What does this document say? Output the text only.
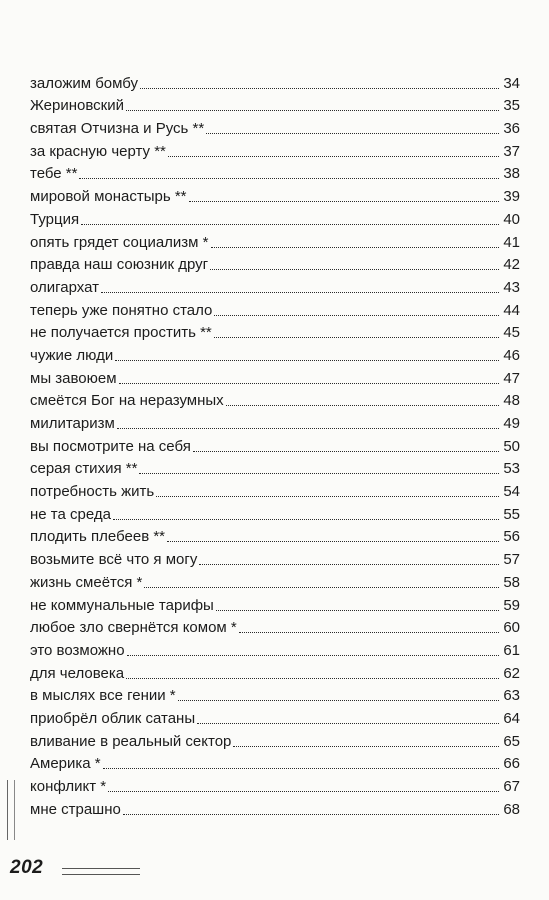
заложим бомбу	34
Жериновский	35
святая Отчизна и Русь **	36
за красную черту **	37
тебе **	38
мировой монастырь **	39
Турция	40
опять грядет социализм *	41
правда наш союзник друг	42
олигархат	43
теперь уже понятно стало	44
не получается простить **	45
чужие люди	46
мы завоюем	47
смеётся Бог на неразумных	48
милитаризм	49
вы посмотрите на себя	50
серая стихия **	53
потребность жить	54
не та среда	55
плодить плебеев **	56
возьмите всё что я могу	57
жизнь смеётся *	58
не коммунальные тарифы	59
любое зло свернётся комом *	60
это возможно	61
для человека	62
в мыслях все гении *	63
приобрёл облик сатаны	64
вливание в реальный сектор	65
Америка *	66
конфликт *	67
мне страшно	68
202
